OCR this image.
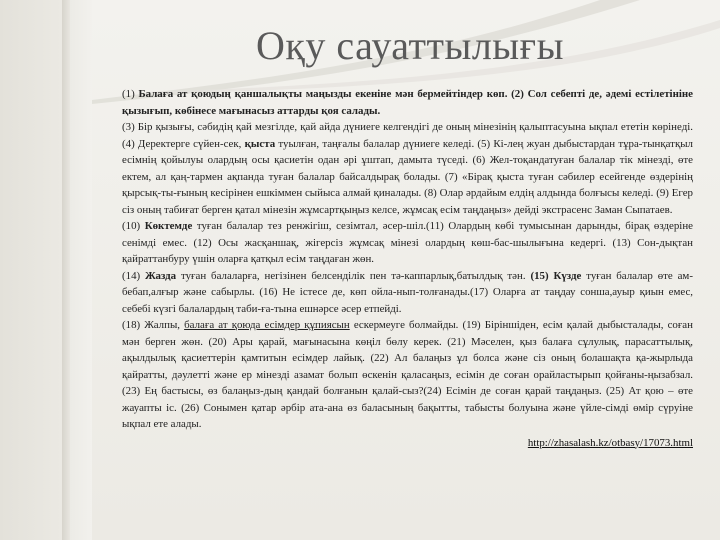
Оқу сауаттылығы

(1) Балаға ат қоюдың қаншалықты маңызды екеніне мән бермейтіндер көп. (2) Сол себепті де, әдемі естілетініне қызығып, көбінесе мағынасыз аттарды қоя салады.

(3) Бір қызығы, сәбидің қай мезгілде, қай айда дүниеге келгендігі де оның мінезінің қалыптасуына ықпал ететін көрінеді. (4) Деректерге сүйен-сек, қыста туылған, таңғалы балалар дүниеге келеді. (5) Кі-лең жуан дыбыстардан тұра-тынқатқыл есімнің қойылуы олардың осы қасиетін одан әрі ұштап, дамыта түседі. (6) Жел-тоқандатуған балалар тік мінезді, өте ектем, ал қаң-тармен ақпанда туған балалар байсалдырақ болады. (7) «Бірақ қыста туған сәбилер есейгенде өздерінің қырсық-ты-ғының кесірінен ешкіммен сыйыса алмай қиналады. (8) Олар әрдайым елдің алдында болғысы келеді. (9) Егер сіз оның табиғат берген қатал мінезін жұмсартқыңыз келсе, жұмсақ есім таңдаңыз» дейді экстрасенс Заман Сыпатаев.

(10) Көктемде туған балалар тез ренжігіш, сезімтал, әсер-шіл.(11) Олардың көбі тумысынан дарынды, бірақ өздеріне сенімді емес. (12) Осы жасқаншақ, жігерсіз жұмсақ мінезі олардың көш-бас-шылығына кедергі. (13) Сон-дықтан қайраттанбуру үшін оларға қатқыл есім таңдаған жөн.

(14) Жазда туған балаларға, негізінен белсенділік пен тә-каппарлық,батылдық тән. (15) Күзде туған балалар өте ам-бебап,алғыр және сабырлы. (16) Не істесе де, көп ойла-нып-толғанады.(17) Оларға ат таңдау сонша,ауыр қиын емес, себебі күзгі балалардың таби-ға-тына ешнәрсе әсер етпейді.

(18) Жалпы, балаға ат қоюда есімдер құпиясын ескермеуге болмайды. (19) Біріншіден, есім қалай дыбысталады, соған мән берген жөн. (20) Ары қарай, мағынасына көңіл бөлу керек. (21) Мәселен, қыз балаға сұлулық, парасаттылық, ақылдылық қасиеттерін қамтитын есімдер лайық. (22) Ал балаңыз ұл болса және сіз оның болашақта қа-жырлыда қайратты, дәулетті және ер мінезді азамат болып өскенін қаласаңыз, есімін де соған орайластырып қойғаны-ңызабзал. (23) Ең бастысы, өз балаңыз-дың қандай болғанын қалай-сыз?(24) Есімін де соған қарай таңдаңыз. (25) Ат қою – өте жауапты іс. (26) Сонымен қатар әрбір ата-ана өз баласының бақытты, табысты болуына және үйле-сімді өмір сүруіне ықпал ете алады.

http://zhasalash.kz/otbasy/17073.html
